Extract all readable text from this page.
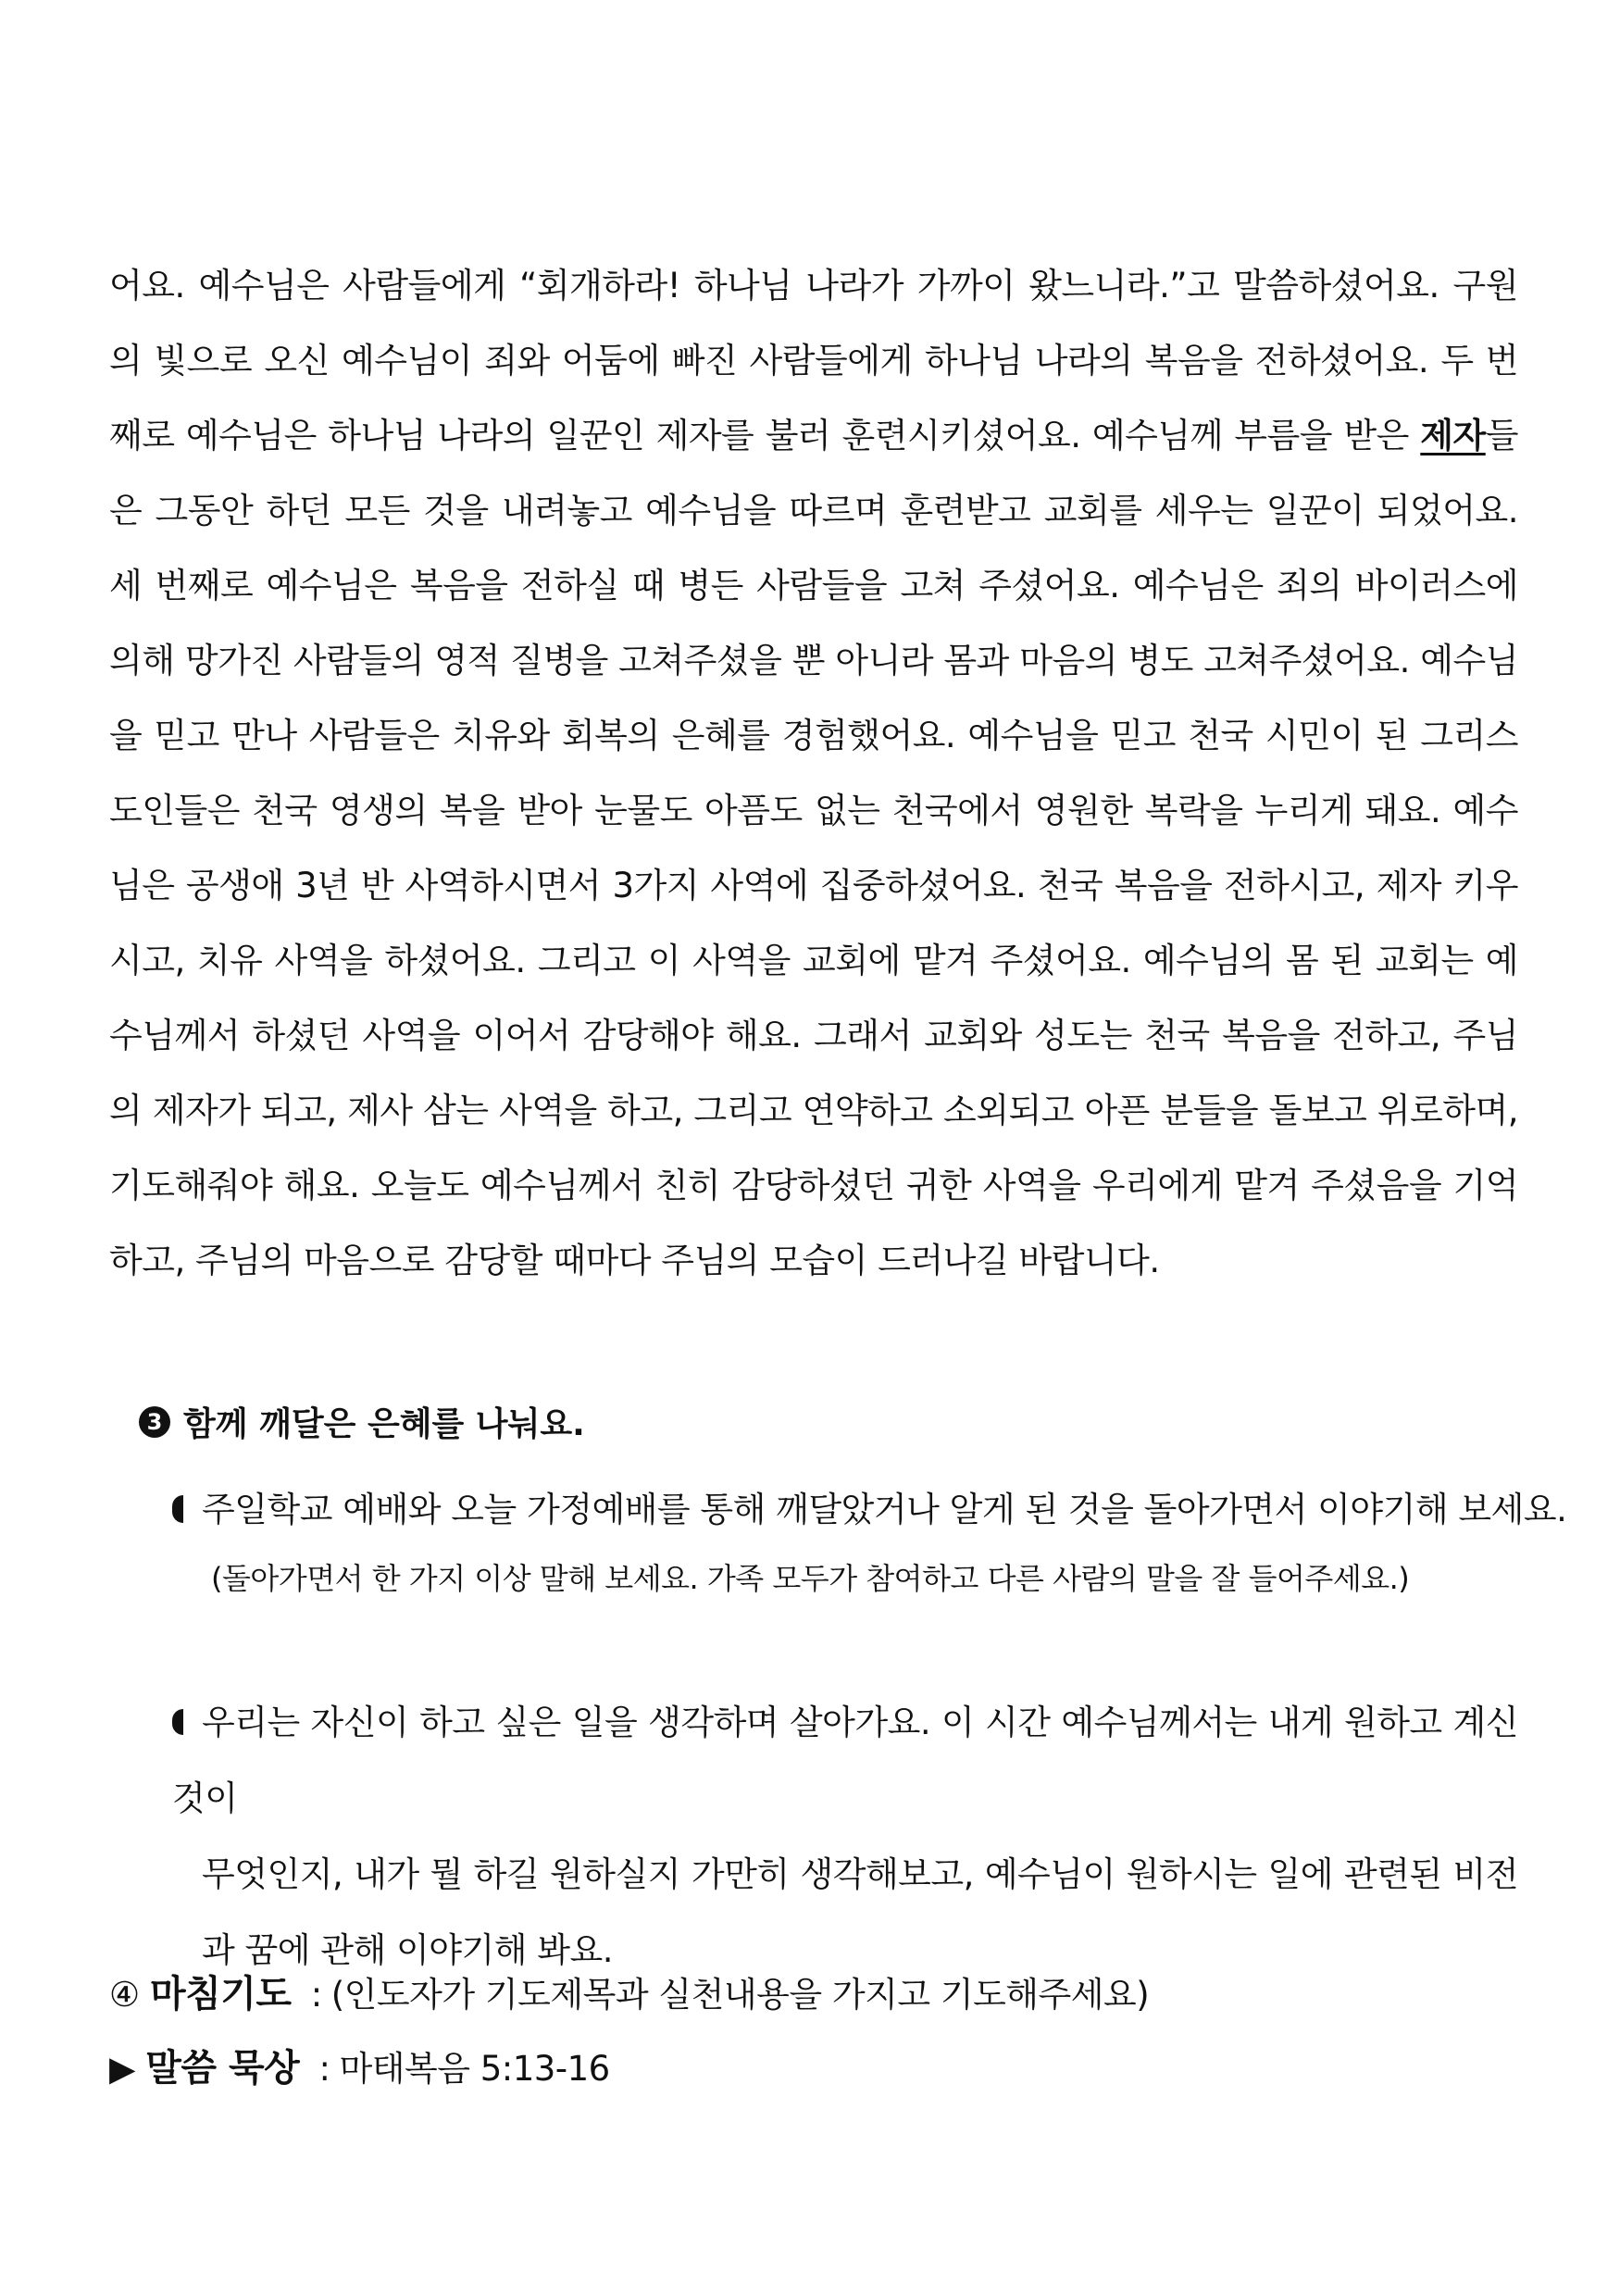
어요. 예수님은 사람들에게 “회개하라! 하나님 나라가 가까이 왔느니라.”고 말씀하셨어요. 구원의 빛으로 오신 예수님이 죄와 어둠에 빠진 사람들에게 하나님 나라의 복음을 전하셨어요. 두 번째로 예수님은 하나님 나라의 일꾼인 제자를 불러 훈련시키셨어요. 예수님께 부름을 받은 제자들은 그동안 하던 모든 것을 내려놓고 예수님을 따르며 훈련받고 교회를 세우는 일꾼이 되었어요. 세 번째로 예수님은 복음을 전하실 때 병든 사람들을 고쳐 주셨어요. 예수님은 죄의 바이러스에 의해 망가진 사람들의 영적 질병을 고쳐주셨을 뿐 아니라 몸과 마음의 병도 고쳐주셨어요. 예수님을 믿고 만나 사람들은 치유와 회복의 은혜를 경험했어요. 예수님을 믿고 천국 시민이 된 그리스도인들은 천국 영생의 복을 받아 눈물도 아픔도 없는 천국에서 영원한 복락을 누리게 돼요. 예수님은 공생애 3년 반 사역하시면서 3가지 사역에 집중하셨어요. 천국 복음을 전하시고, 제자 키우시고, 치유 사역을 하셨어요. 그리고 이 사역을 교회에 맡겨 주셨어요. 예수님의 몸 된 교회는 예수님께서 하셨던 사역을 이어서 감당해야 해요. 그래서 교회와 성도는 천국 복음을 전하고, 주님의 제자가 되고, 제사 삼는 사역을 하고, 그리고 연약하고 소외되고 아픈 분들을 돌보고 위로하며, 기도해줘야 해요. 오늘도 예수님께서 친히 감당하셨던 귀한 사역을 우리에게 맡겨 주셨음을 기억하고, 주님의 마음으로 감당할 때마다 주님의 모습이 드러나길 바랍니다.

3 함께 깨달은 은혜를 나눠요.

주일학교 예배와 오늘 가정예배를 통해 깨달았거나 알게 된 것을 돌아가면서 이야기해 보세요.

(돌아가면서 한 가지 이상 말해 보세요. 가족 모두가 참여하고 다른 사람의 말을 잘 들어주세요.)

우리는 자신이 하고 싶은 일을 생각하며 살아가요. 이 시간 예수님께서는 내게 원하고 계신 것이
무엇인지, 내가 뭘 하길 원하실지 가만히 생각해보고, 예수님이 원하시는 일에 관련된 비전과 꿈에 관해 이야기해 봐요.

④ 마침기도 : (인도자가 기도제목과 실천내용을 가지고 기도해주세요)

▶ 말씀 묵상 : 마태복음 5:13-16
